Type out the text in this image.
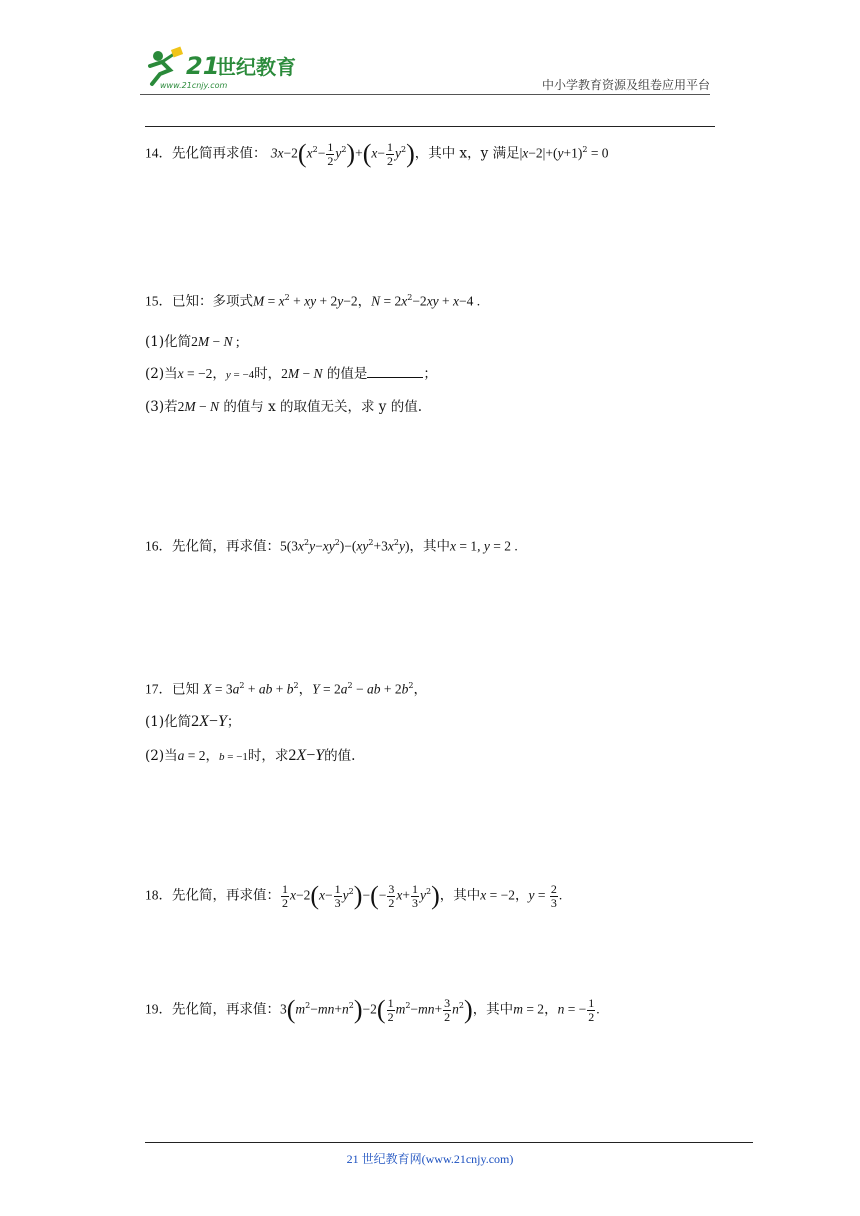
21
世纪教育
www.21cnjy.com	中小学教育资源及组卷应用平台
14．先化简再求值： $3x-2(x^2- \frac{1}{2} y^2)+(x- \frac{1}{2} y^2)$，其中 x，y 满足$|x-2|+(y+1)^2 = 0$
15．已知：多项式$M = x^2$ + xy + 2y−2，$N = 2x^2-2xy + x-4$ .
(1)化简2M − N ;
(2)当x = −2，y = −4时，2M − N 的值是	；
(3)若2M − N 的值与 x 的取值无关，求 y 的值.
16．先化简，再求值：$5(3x^2y-xy^2)-(xy^2+3x^2y)$，其中x = 1, y = 2 .
17．已知 $X = 3a^2$ + ab + $b^2$，$Y = 2a^2$ − ab + $2b^2$，
(1)化简2X−Y；
(2)当a = 2，b = −1时，求2X−Y的值.
18．先化简，再求值： $\frac{1}{2} x-2(x- \frac{1}{3} y^2)-(- \frac{3}{2} x+ \frac{1}{3} y^2)$，其中x = −2，$y = \frac{2}{3}$ .
19．先化简，再求值：$3(m^2-mn+n^2)-2( \frac{1}{2} m^2-mn+ \frac{3}{2} n^2)$，其中m = 2，n = − $\frac{1}{2}$ .
21 世纪教育网(www.21cnjy.com)
